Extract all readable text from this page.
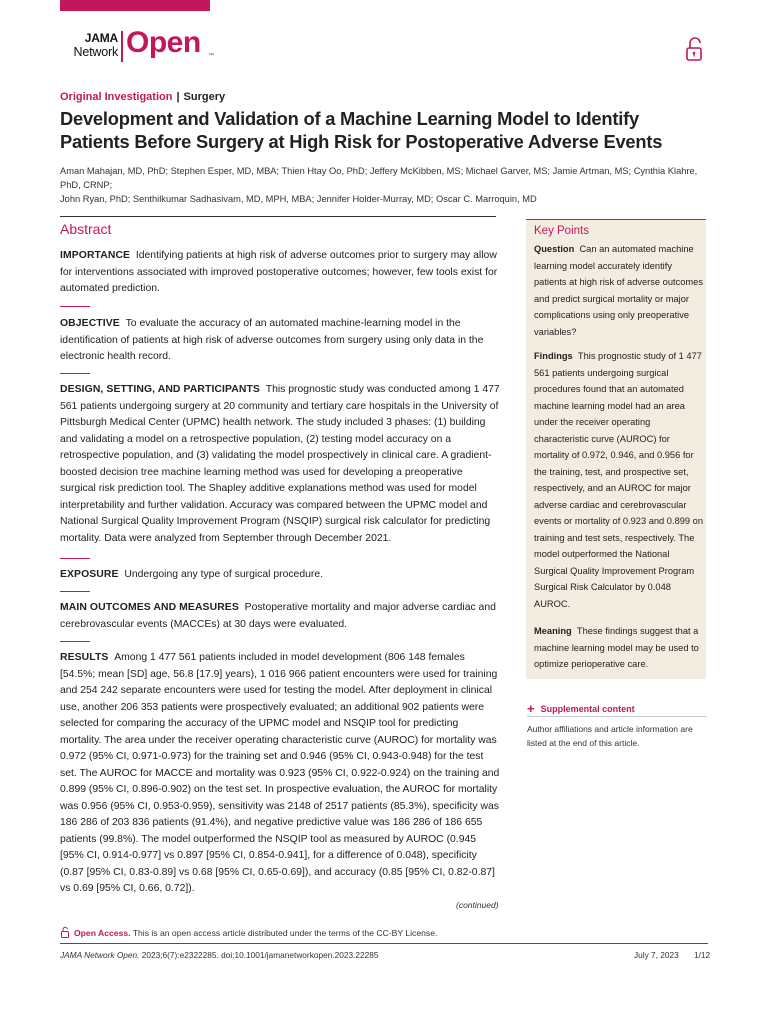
JAMA
Network Open ™
Original Investigation | Surgery
Development and Validation of a Machine Learning Model to Identify Patients Before Surgery at High Risk for Postoperative Adverse Events
Aman Mahajan, MD, PhD; Stephen Esper, MD, MBA; Thien Htay Oo, PhD; Jeffery McKibben, MS; Michael Garver, MS; Jamie Artman, MS; Cynthia Klahre, PhD, CRNP;
John Ryan, PhD; Senthilkumar Sadhasivam, MD, MPH, MBA; Jennifer Holder-Murray, MD; Oscar C. Marroquin, MD
Abstract
IMPORTANCE Identifying patients at high risk of adverse outcomes prior to surgery may allow for interventions associated with improved postoperative outcomes; however, few tools exist for automated prediction.
OBJECTIVE To evaluate the accuracy of an automated machine-learning model in the identification of patients at high risk of adverse outcomes from surgery using only data in the electronic health record.
DESIGN, SETTING, AND PARTICIPANTS This prognostic study was conducted among 1 477 561 patients undergoing surgery at 20 community and tertiary care hospitals in the University of Pittsburgh Medical Center (UPMC) health network. The study included 3 phases: (1) building and validating a model on a retrospective population, (2) testing model accuracy on a retrospective population, and (3) validating the model prospectively in clinical care. A gradient-boosted decision tree machine learning method was used for developing a preoperative surgical risk prediction tool. The Shapley additive explanations method was used for model interpretability and further validation. Accuracy was compared between the UPMC model and National Surgical Quality Improvement Program (NSQIP) surgical risk calculator for predicting mortality. Data were analyzed from September through December 2021.
EXPOSURE Undergoing any type of surgical procedure.
MAIN OUTCOMES AND MEASURES Postoperative mortality and major adverse cardiac and cerebrovascular events (MACCEs) at 30 days were evaluated.
RESULTS Among 1 477 561 patients included in model development (806 148 females [54.5%; mean [SD] age, 56.8 [17.9] years), 1 016 966 patient encounters were used for training and 254 242 separate encounters were used for testing the model. After deployment in clinical use, another 206 353 patients were prospectively evaluated; an additional 902 patients were selected for comparing the accuracy of the UPMC model and NSQIP tool for predicting mortality. The area under the receiver operating characteristic curve (AUROC) for mortality was 0.972 (95% CI, 0.971-0.973) for the training set and 0.946 (95% CI, 0.943-0.948) for the test set. The AUROC for MACCE and mortality was 0.923 (95% CI, 0.922-0.924) on the training and 0.899 (95% CI, 0.896-0.902) on the test set. In prospective evaluation, the AUROC for mortality was 0.956 (95% CI, 0.953-0.959), sensitivity was 2148 of 2517 patients (85.3%), specificity was 186 286 of 203 836 patients (91.4%), and negative predictive value was 186 286 of 186 655 patients (99.8%). The model outperformed the NSQIP tool as measured by AUROC (0.945 [95% CI, 0.914-0.977] vs 0.897 [95% CI, 0.854-0.941], for a difference of 0.048), specificity (0.87 [95% CI, 0.83-0.89] vs 0.68 [95% CI, 0.65-0.69]), and accuracy (0.85 [95% CI, 0.82-0.87] vs 0.69 [95% CI, 0.66, 0.72]).
(continued)
Key Points
Question Can an automated machine learning model accurately identify patients at high risk of adverse outcomes and predict surgical mortality or major complications using only preoperative variables?
Findings This prognostic study of 1 477 561 patients undergoing surgical procedures found that an automated machine learning model had an area under the receiver operating characteristic curve (AUROC) for mortality of 0.972, 0.946, and 0.956 for the training, test, and prospective set, respectively, and an AUROC for major adverse cardiac and cerebrovascular events or mortality of 0.923 and 0.899 on training and test sets, respectively. The model outperformed the National Surgical Quality Improvement Program Surgical Risk Calculator by 0.048 AUROC.
Meaning These findings suggest that a machine learning model may be used to optimize perioperative care.
+ Supplemental content
Author affiliations and article information are listed at the end of this article.
Open Access. This is an open access article distributed under the terms of the CC-BY License.
JAMA Network Open. 2023;6(7):e2322285. doi:10.1001/jamanetworkopen.2023.22285	July 7, 2023 1/12
